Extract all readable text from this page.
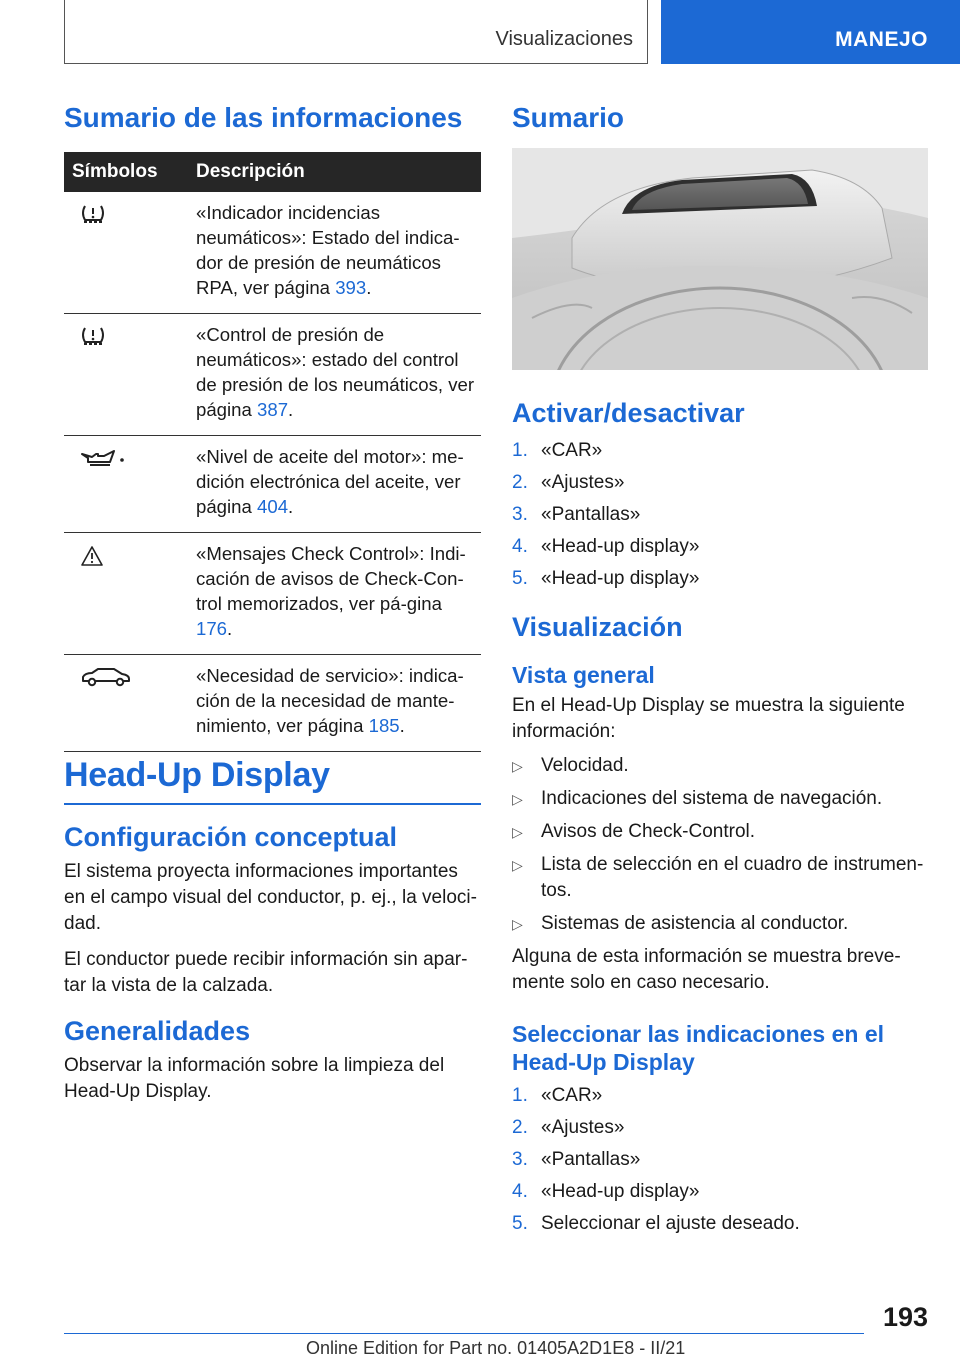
Visualizaciones	MANEJO
Sumario de las informaciones
Símbolos	Descripción

	«Indicador incidencias neumáticos»: Estado del indica-dor de presión de neumáticos RPA, ver página 393.

	«Control de presión de neumáticos»: estado del control de presión de los neumáticos, ver página 387.

	«Nivel de aceite del motor»: me-dición electrónica del aceite, ver página 404.

	«Mensajes Check Control»: Indi-cación de avisos de Check-Con-trol memorizados, ver pá-gina 176.

	«Necesidad de servicio»: indica-ción de la necesidad de mante-nimiento, ver página 185.
Head-Up Display
Configuración conceptual

El sistema proyecta informaciones importantes en el campo visual del conductor, p. ej., la veloci-dad.

El conductor puede recibir información sin apar-tar la vista de la calzada.

Generalidades

Observar la información sobre la limpieza del Head-Up Display.

Sumario
Activar/desactivar
1. «CAR»
2. «Ajustes»
3. «Pantallas»
4. «Head-up display»
5. «Head-up display»
Visualización
Vista general

En el Head-Up Display se muestra la siguiente información:

▷ Velocidad.
▷ Indicaciones del sistema de navegación.
▷ Avisos de Check-Control.
▷ Lista de selección en el cuadro de instrumen-tos.
▷ Sistemas de asistencia al conductor.

Alguna de esta información se muestra breve-mente solo en caso necesario.

Seleccionar las indicaciones en el Head-Up Display
1. «CAR»
2. «Ajustes»
3. «Pantallas»
4. «Head-up display»
5. Seleccionar el ajuste deseado.
193
Online Edition for Part no. 01405A2D1E8 - II/21
